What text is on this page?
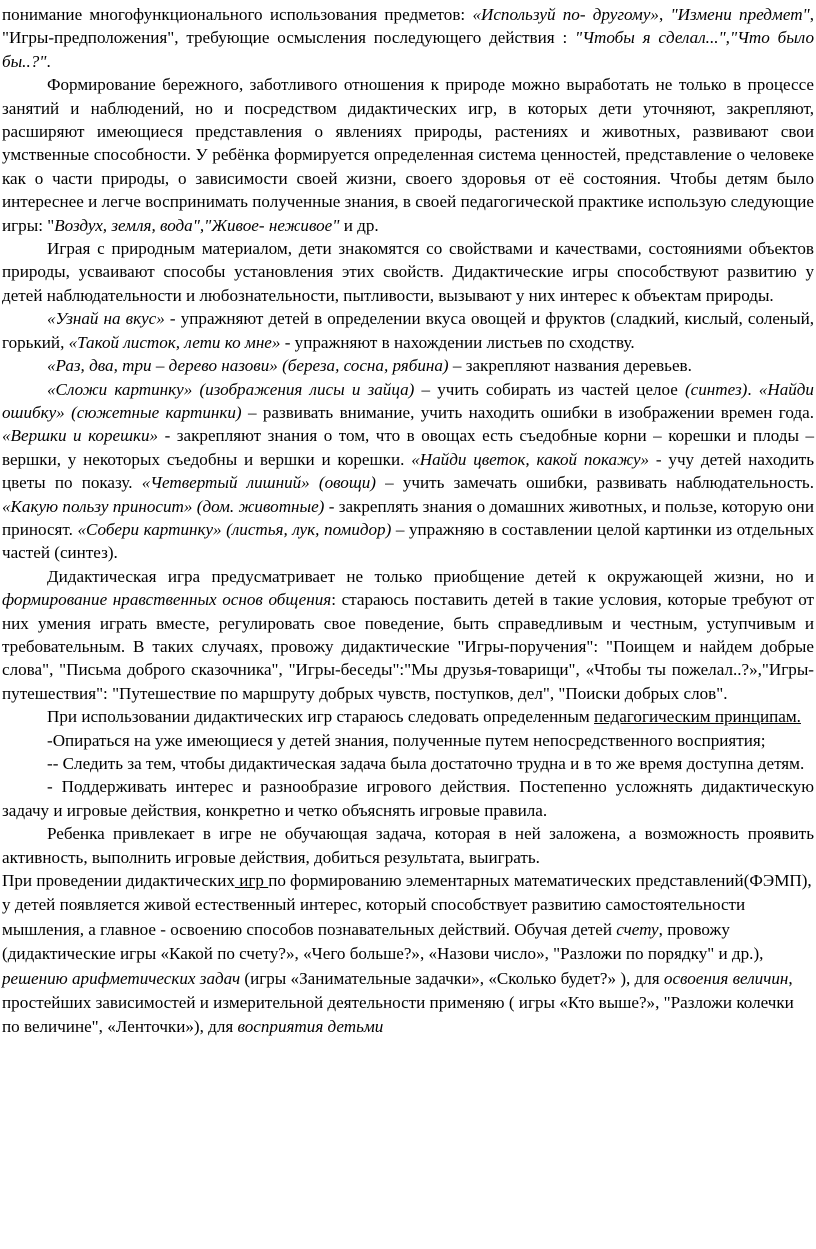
понимание многофункционального использования предметов: «Используй по- другому», "Измени предмет", "Игры-предположения", требующие осмысления последующего действия : "Чтобы я сделал...","Что было бы..?".

Формирование бережного, заботливого отношения к природе можно выработать не только в процессе занятий и наблюдений, но и посредством дидактических игр, в которых дети уточняют, закрепляют, расширяют имеющиеся представления о явлениях природы, растениях и животных, развивают свои умственные способности. У ребёнка формируется определенная система ценностей, представление о человеке как о части природы, о зависимости своей жизни, своего здоровья от её состояния. Чтобы детям было интереснее и легче воспринимать полученные знания, в своей педагогической практике использую следующие игры: "Воздух, земля, вода","Живое- неживое" и др.

Играя с природным материалом, дети знакомятся со свойствами и качествами, состояниями объектов природы, усваивают способы установления этих свойств. Дидактические игры способствуют развитию у детей наблюдательности и любознательности, пытливости, вызывают у них интерес к объектам природы.

«Узнай на вкус» - упражняют детей в определении вкуса овощей и фруктов (сладкий, кислый, соленый, горький, «Такой листок, лети ко мне» - упражняют в нахождении листьев по сходству.

«Раз, два, три – дерево назови» (береза, сосна, рябина) – закрепляют названия деревьев.

«Сложи картинку» (изображения лисы и зайца) – учить собирать из частей целое (синтез). «Найди ошибку» (сюжетные картинки) – развивать внимание, учить находить ошибки в изображении времен года. «Вершки и корешки» - закрепляют знания о том, что в овощах есть съедобные корни – корешки и плоды – вершки, у некоторых съедобны и вершки и корешки. «Найди цветок, какой покажу» - учу детей находить цветы по показу. «Четвертый лишний» (овощи) – учить замечать ошибки, развивать наблюдательность. «Какую пользу приносит» (дом. животные) - закреплять знания о домашних животных, и пользе, которую они приносят. «Собери картинку» (листья, лук, помидор) – упражняю в составлении целой картинки из отдельных частей (синтез).

Дидактическая игра предусматривает не только приобщение детей к окружающей жизни, но и формирование нравственных основ общения: стараюсь поставить детей в такие условия, которые требуют от них умения играть вместе, регулировать свое поведение, быть справедливым и честным, уступчивым и требовательным. В таких случаях, провожу дидактические "Игры-поручения": "Поищем и найдем добрые слова", "Письма доброго сказочника", "Игры-беседы":"Мы друзья-товарищи", «Чтобы ты пожелал..?»,"Игры-путешествия": "Путешествие по маршруту добрых чувств, поступков, дел", "Поиски добрых слов".

При использовании дидактических игр стараюсь следовать определенным педагогическим принципам.

-Опираться на уже имеющиеся у детей знания, полученные путем непосредственного восприятия;

-- Следить за тем, чтобы дидактическая задача была достаточно трудна и в то же время доступна детям.

- Поддерживать интерес и разнообразие игрового действия. Постепенно усложнять дидактическую задачу и игровые действия, конкретно и четко объяснять игровые правила.

Ребенка привлекает в игре не обучающая задача, которая в ней заложена, а возможность проявить активность, выполнить игровые действия, добиться результата, выиграть.

При проведении дидактических игр по формированию элементарных математических представлений(ФЭМП), у детей появляется живой естественный интерес, который способствует развитию самостоятельности мышления, а главное - освоению способов познавательных действий. Обучая детей счету, провожу (дидактические игры «Какой по счету?», «Чего больше?», «Назови число», "Разложи по порядку" и др.), решению арифметических задач (игры «Занимательные задачки», «Сколько будет?» ), для освоения величин, простейших зависимостей и измерительной деятельности применяю ( игры «Кто выше?», "Разложи колечки по величине", «Ленточки»), для восприятия детьми
